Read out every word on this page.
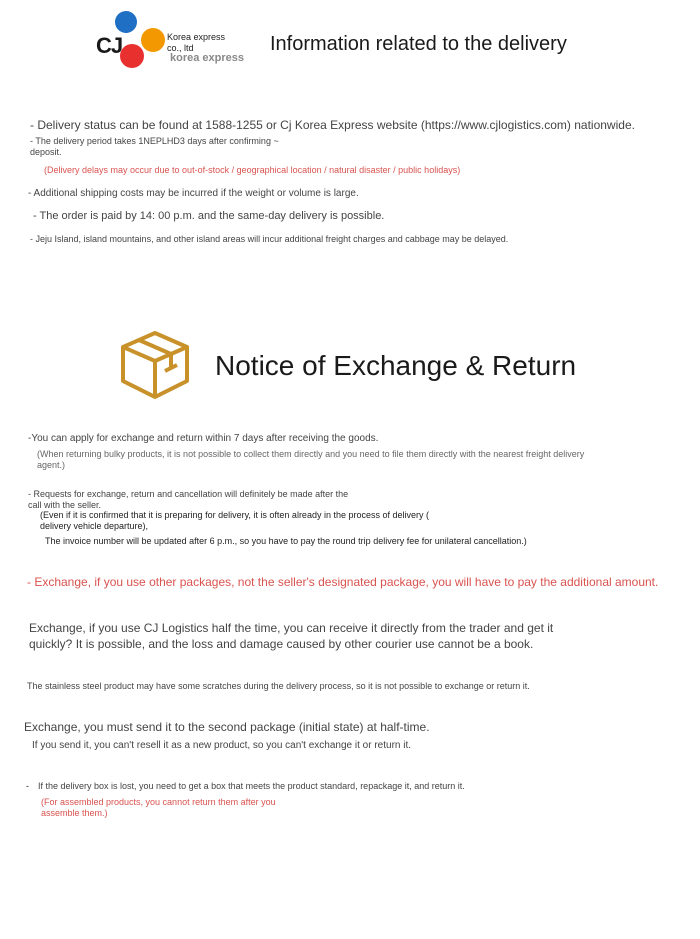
CJ	Korea express
co., ltd
korea express
Information related to the delivery
- Delivery status can be found at 1588-1255 or Cj Korea Express website (https://www.cjlogistics.com) nationwide.
- The delivery period takes 1NEPLHD3 days after confirming ~ deposit.
(Delivery delays may occur due to out-of-stock / geographical location / natural disaster / public holidays)
- Additional shipping costs may be incurred if the weight or volume is large.
- The order is paid by 14: 00 p.m. and the same-day delivery is possible.
- Jeju Island, island mountains, and other island areas will incur additional freight charges and cabbage may be delayed.
Notice of Exchange & Return
-You can apply for exchange and return within 7 days after receiving the goods.
(When returning bulky products, it is not possible to collect them directly and you need to file them directly with the nearest freight delivery agent.)
- Requests for exchange, return and cancellation will definitely be made after the call with the seller.
(Even if it is confirmed that it is preparing for delivery, it is often already in the process of delivery ( delivery vehicle departure),
The invoice number will be updated after 6 p.m., so you have to pay the round trip delivery fee for unilateral cancellation.)
- Exchange, if you use other packages, not the seller's designated package, you will have to pay the additional amount.
Exchange, if you use CJ Logistics half the time, you can receive it directly from the trader and get it quickly? It is possible, and the loss and damage caused by other courier use cannot be a book.
The stainless steel product may have some scratches during the delivery process, so it is not possible to exchange or return it.
Exchange, you must send it to the second package (initial state) at half-time.
If you send it, you can't resell it as a new product, so you can't exchange it or return it.
- If the delivery box is lost, you need to get a box that meets the product standard, repackage it, and return it.
(For assembled products, you cannot return them after you assemble them.)
